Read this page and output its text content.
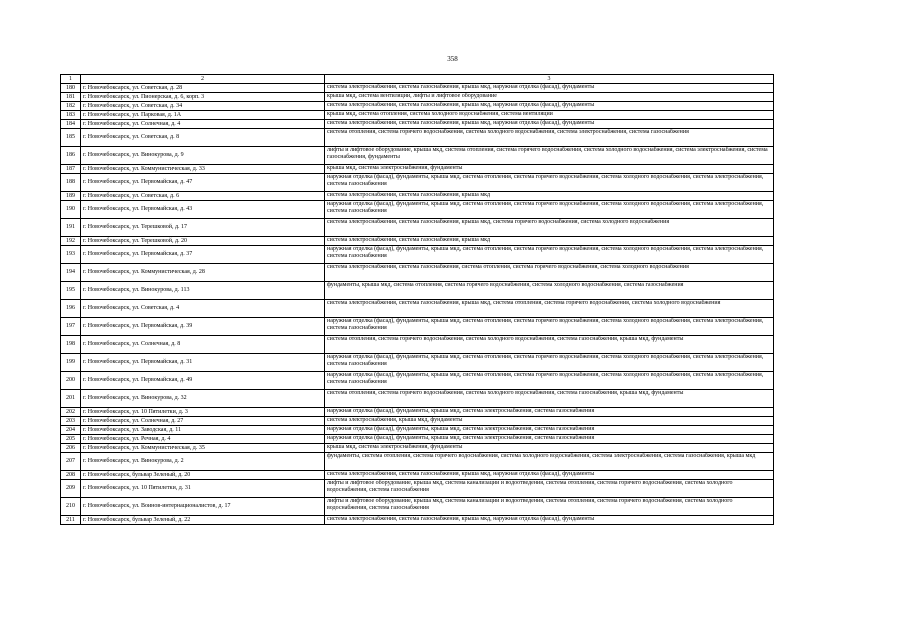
358
1	2	3
180	г. Новочебоксарск, ул. Советская, д. 28	система электроснабжения, система газоснабжения, крыша мкд, наружная отделка (фасад), фундаменты
181	г. Новочебоксарск, ул. Пионерская, д. 6, корп. 3	крыша мкд, система вентиляции, лифты и лифтовое оборудование
182	г. Новочебоксарск, ул. Советская, д. 34	система электроснабжения, система газоснабжения, крыша мкд, наружная отделка (фасад), фундаменты
183	г. Новочебоксарск, ул. Парковая, д. 1А	крыша мкд, система отопления, система холодного водоснабжения, система вентиляции
184	г. Новочебоксарск, ул. Солнечная, д. 4	система электроснабжения, система газоснабжения, крыша мкд, наружная отделка (фасад), фундаменты
185	г. Новочебоксарск, ул. Советская, д. 8	система отопления, система горячего водоснабжения, система холодного водоснабжения, система электроснабжения, система газоснабжения
186	г. Новочебоксарск, ул. Винокурова, д. 9	лифты и лифтовое оборудование, крыша мкд, система отопления, система горячего водоснабжения, система холодного водоснабжения, система электроснабжения, система газоснабжения, фундаменты
187	г. Новочебоксарск, ул. Коммунистическая, д. 33	крыша мкд, система электроснабжения, фундаменты
188	г. Новочебоксарск, ул. Первомайская, д. 47	наружная отделка (фасад), фундаменты, крыша мкд, система отопления, система горячего водоснабжения, система холодного водоснабжения, система электроснабжения, система газоснабжения
189	г. Новочебоксарск, ул. Советская, д. 6	система электроснабжения, система газоснабжения, крыша мкд
190	г. Новочебоксарск, ул. Первомайская, д. 43	наружная отделка (фасад), фундаменты, крыша мкд, система отопления, система горячего водоснабжения, система холодного водоснабжения, система электроснабжения, система газоснабжения
191	г. Новочебоксарск, ул. Терешковой, д. 17	система электроснабжения, система газоснабжения, крыша мкд, система горячего водоснабжения, система холодного водоснабжения
192	г. Новочебоксарск, ул. Терешковой, д. 20	система электроснабжения, система газоснабжения, крыша мкд
193	г. Новочебоксарск, ул. Первомайская, д. 37	наружная отделка (фасад), фундаменты, крыша мкд, система отопления, система горячего водоснабжения, система холодного водоснабжения, система электроснабжения, система газоснабжения
194	г. Новочебоксарск, ул. Коммунистическая, д. 28	система электроснабжения, система газоснабжения, система отопления, система горячего водоснабжения, система холодного водоснабжения
195	г. Новочебоксарск, ул. Винокурова, д. 113	фундаменты, крыша мкд, система отопления, система горячего водоснабжения, система холодного водоснабжения, система газоснабжения
196	г. Новочебоксарск, ул. Советская, д. 4	система электроснабжения, система газоснабжения, крыша мкд, система отопления, система горячего водоснабжения, система холодного водоснабжения
197	г. Новочебоксарск, ул. Первомайская, д. 39	наружная отделка (фасад), фундаменты, крыша мкд, система отопления, система горячего водоснабжения, система холодного водоснабжения, система электроснабжения, система газоснабжения
198	г. Новочебоксарск, ул. Солнечная, д. 8	система отопления, система горячего водоснабжения, система холодного водоснабжения, система газоснабжения, крыша мкд, фундаменты
199	г. Новочебоксарск, ул. Первомайская, д. 31	наружная отделка (фасад), фундаменты, крыша мкд, система отопления, система горячего водоснабжения, система холодного водоснабжения, система электроснабжения, система газоснабжения
200	г. Новочебоксарск, ул. Первомайская, д. 49	наружная отделка (фасад), фундаменты, крыша мкд, система отопления, система горячего водоснабжения, система холодного водоснабжения, система электроснабжения, система газоснабжения
201	г. Новочебоксарск, ул. Винокурова, д. 32	система отопления, система горячего водоснабжения, система холодного водоснабжения, система газоснабжения, крыша мкд, фундаменты
202	г. Новочебоксарск, ул. 10 Пятилетки, д. 3	наружная отделка (фасад), фундаменты, крыша мкд, система электроснабжения, система газоснабжения
203	г. Новочебоксарск, ул. Солнечная, д. 27	система электроснабжения, крыша мкд, фундаменты
204	г. Новочебоксарск, ул. Заводская, д. 11	наружная отделка (фасад), фундаменты, крыша мкд, система электроснабжения, система газоснабжения
205	г. Новочебоксарск, ул. Речная, д. 4	наружная отделка (фасад), фундаменты, крыша мкд, система электроснабжения, система газоснабжения
206	г. Новочебоксарск, ул. Коммунистическая, д. 35	крыша мкд, система электроснабжения, фундаменты
207	г. Новочебоксарск, ул. Винокурова, д. 2	фундаменты, система отопления, система горячего водоснабжения, система холодного водоснабжения, система электроснабжения, система газоснабжения, крыша мкд
208	г. Новочебоксарск, бульвар Зеленый, д. 20	система электроснабжения, система газоснабжения, крыша мкд, наружная отделка (фасад), фундаменты
209	г. Новочебоксарск, ул. 10 Пятилетки, д. 31	лифты и лифтовое оборудование, крыша мкд, система канализации и водоотведения, система отопления, система горячего водоснабжения, система холодного водоснабжения, система газоснабжения
210	г. Новочебоксарск, ул. Воинов-интернационалистов, д. 17	лифты и лифтовое оборудование, крыша мкд, система канализации и водоотведения, система отопления, система горячего водоснабжения, система холодного водоснабжения, система газоснабжения
211	г. Новочебоксарск, бульвар Зеленый, д. 22	система электроснабжения, система газоснабжения, крыша мкд, наружная отделка (фасад), фундаменты
